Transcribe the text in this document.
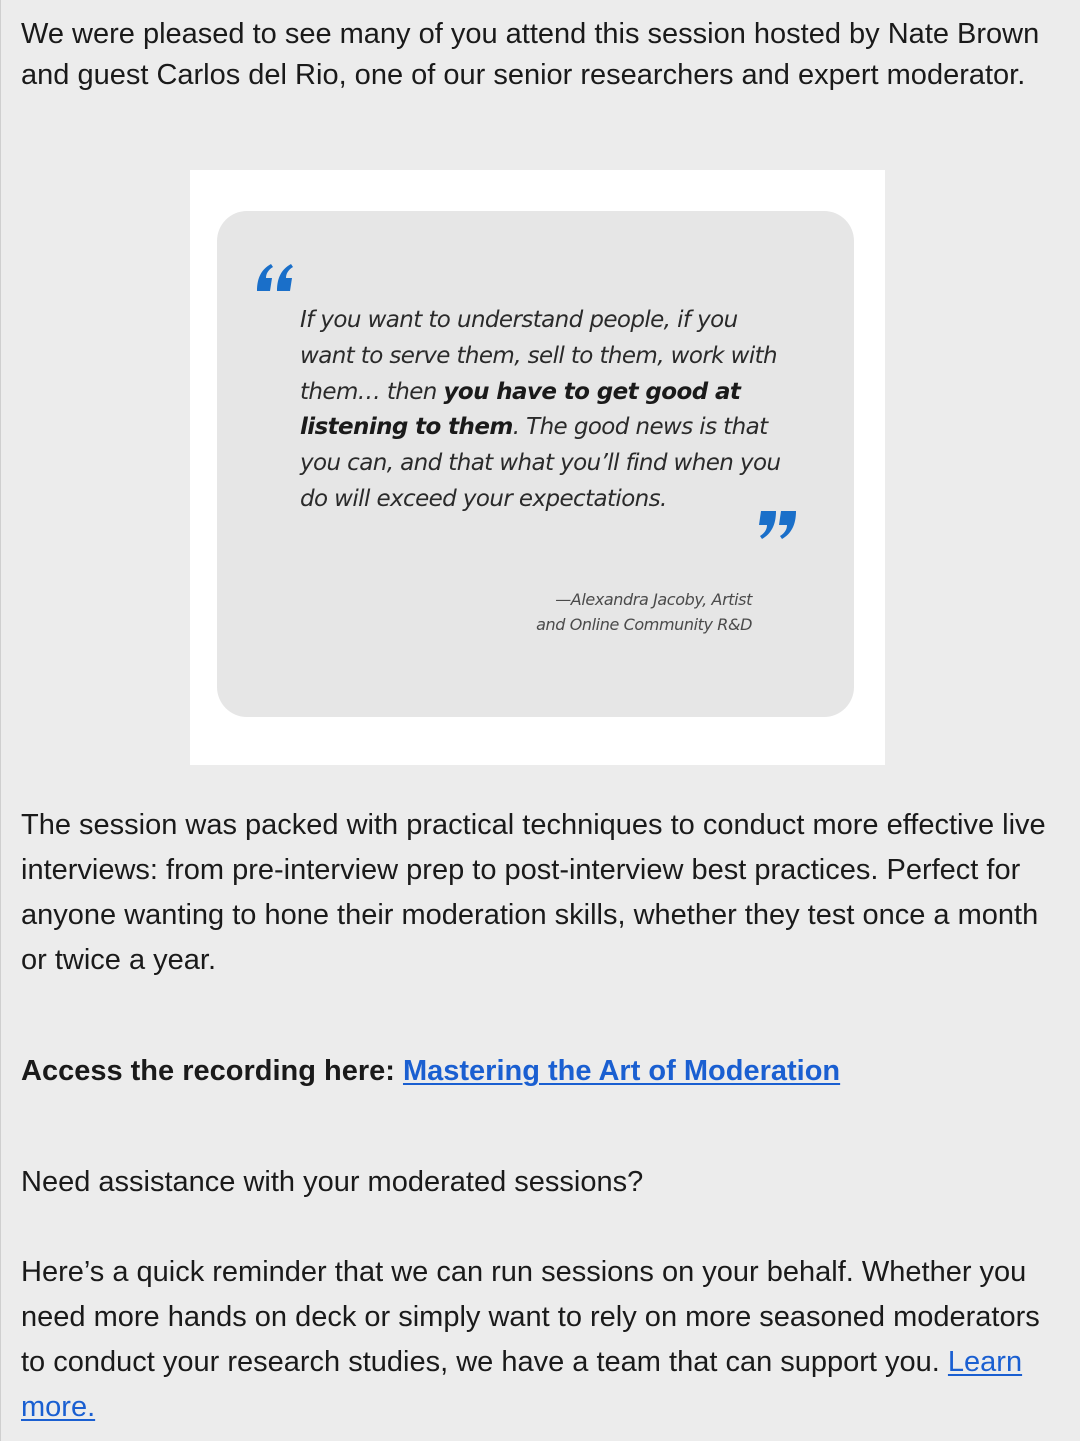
We were pleased to see many of you attend this session hosted by Nate Brown and guest Carlos del Rio, one of our senior researchers and expert moderator.

If you want to understand people, if you want to serve them, sell to them, work with them… then you have to get good at listening to them. The good news is that you can, and that what you’ll find when you do will exceed your expectations.
—Alexandra Jacoby, Artist
and Online Community R&D

The session was packed with practical techniques to conduct more effective live interviews: from pre-interview prep to post-interview best practices. Perfect for anyone wanting to hone their moderation skills, whether they test once a month or twice a year.

Access the recording here: Mastering the Art of Moderation

Need assistance with your moderated sessions?

Here’s a quick reminder that we can run sessions on your behalf. Whether you need more hands on deck or simply want to rely on more seasoned moderators to conduct your research studies, we have a team that can support you. Learn more.
